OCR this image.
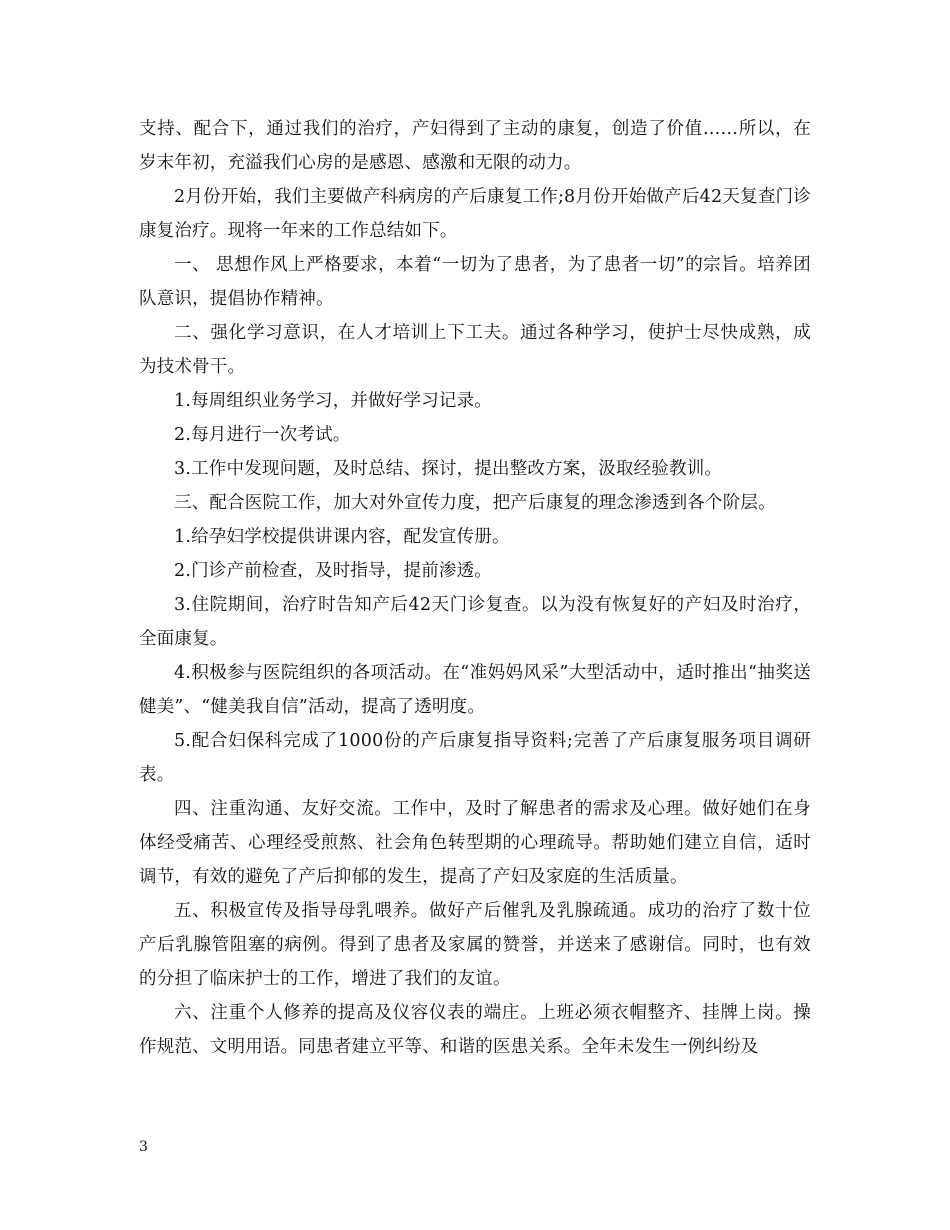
支持、配合下，通过我们的治疗，产妇得到了主动的康复，创造了价值……所以，在岁末年初，充溢我们心房的是感恩、感激和无限的动力。

2月份开始，我们主要做产科病房的产后康复工作;8月份开始做产后42天复查门诊康复治疗。现将一年来的工作总结如下。

一、 思想作风上严格要求，本着“一切为了患者，为了患者一切”的宗旨。培养团队意识，提倡协作精神。

二、强化学习意识，在人才培训上下工夫。通过各种学习，使护士尽快成熟，成为技术骨干。

1.每周组织业务学习，并做好学习记录。

2.每月进行一次考试。

3.工作中发现问题，及时总结、探讨，提出整改方案，汲取经验教训。

三、配合医院工作，加大对外宣传力度，把产后康复的理念渗透到各个阶层。

1.给孕妇学校提供讲课内容，配发宣传册。

2.门诊产前检查，及时指导，提前渗透。

3.住院期间，治疗时告知产后42天门诊复查。以为没有恢复好的产妇及时治疗，全面康复。

4.积极参与医院组织的各项活动。在“准妈妈风采”大型活动中，适时推出“抽奖送健美”、“健美我自信”活动，提高了透明度。

5.配合妇保科完成了1000份的产后康复指导资料;完善了产后康复服务项目调研表。

四、注重沟通、友好交流。工作中，及时了解患者的需求及心理。做好她们在身体经受痛苦、心理经受煎熬、社会角色转型期的心理疏导。帮助她们建立自信，适时调节，有效的避免了产后抑郁的发生，提高了产妇及家庭的生活质量。

五、积极宣传及指导母乳喂养。做好产后催乳及乳腺疏通。成功的治疗了数十位产后乳腺管阻塞的病例。得到了患者及家属的赞誉，并送来了感谢信。同时，也有效的分担了临床护士的工作，增进了我们的友谊。

六、注重个人修养的提高及仪容仪表的端庄。上班必须衣帽整齐、挂牌上岗。操作规范、文明用语。同患者建立平等、和谐的医患关系。全年未发生一例纠纷及

3
